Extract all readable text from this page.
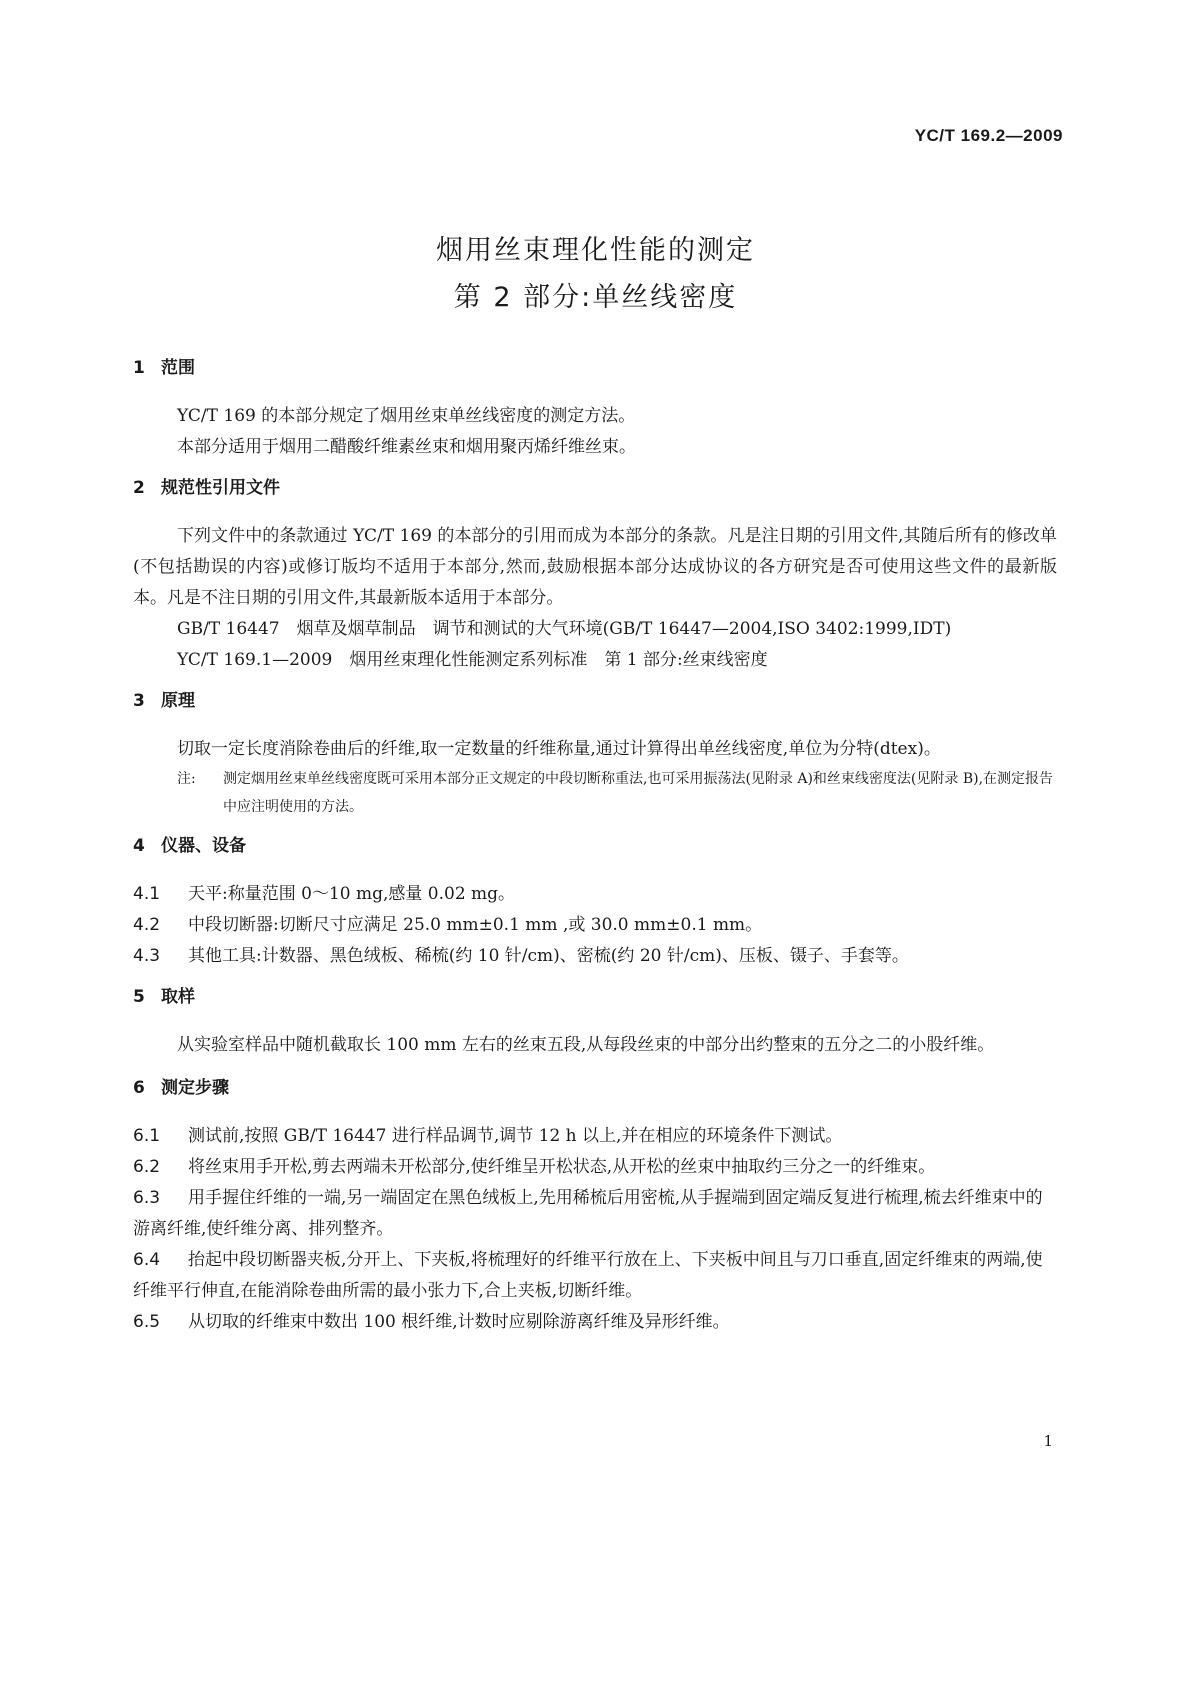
YC/T 169.2—2009
烟用丝束理化性能的测定
第 2 部分:单丝线密度
1 范围

YC/T 169 的本部分规定了烟用丝束单丝线密度的测定方法。

本部分适用于烟用二醋酸纤维素丝束和烟用聚丙烯纤维丝束。

2 规范性引用文件

下列文件中的条款通过 YC/T 169 的本部分的引用而成为本部分的条款。凡是注日期的引用文件,其随后所有的修改单(不包括勘误的内容)或修订版均不适用于本部分,然而,鼓励根据本部分达成协议的各方研究是否可使用这些文件的最新版本。凡是不注日期的引用文件,其最新版本适用于本部分。

GB/T 16447　烟草及烟草制品　调节和测试的大气环境(GB/T 16447—2004,ISO 3402:1999,IDT)

YC/T 169.1—2009　烟用丝束理化性能测定系列标准　第 1 部分:丝束线密度

3 原理

切取一定长度消除卷曲后的纤维,取一定数量的纤维称量,通过计算得出单丝线密度,单位为分特(dtex)。

注: 测定烟用丝束单丝线密度既可采用本部分正文规定的中段切断称重法,也可采用振荡法(见附录 A)和丝束线密度法(见附录 B),在测定报告中应注明使用的方法。

4 仪器、设备

4.1 天平:称量范围 0～10 mg,感量 0.02 mg。

4.2 中段切断器:切断尺寸应满足 25.0 mm±0.1 mm ,或 30.0 mm±0.1 mm。

4.3 其他工具:计数器、黑色绒板、稀梳(约 10 针/cm)、密梳(约 20 针/cm)、压板、镊子、手套等。

5 取样

从实验室样品中随机截取长 100 mm 左右的丝束五段,从每段丝束的中部分出约整束的五分之二的小股纤维。

6 测定步骤

6.1 测试前,按照 GB/T 16447 进行样品调节,调节 12 h 以上,并在相应的环境条件下测试。

6.2 将丝束用手开松,剪去两端未开松部分,使纤维呈开松状态,从开松的丝束中抽取约三分之一的纤维束。

6.3 用手握住纤维的一端,另一端固定在黑色绒板上,先用稀梳后用密梳,从手握端到固定端反复进行梳理,梳去纤维束中的游离纤维,使纤维分离、排列整齐。

6.4 抬起中段切断器夹板,分开上、下夹板,将梳理好的纤维平行放在上、下夹板中间且与刀口垂直,固定纤维束的两端,使纤维平行伸直,在能消除卷曲所需的最小张力下,合上夹板,切断纤维。

6.5 从切取的纤维束中数出 100 根纤维,计数时应剔除游离纤维及异形纤维。

1
